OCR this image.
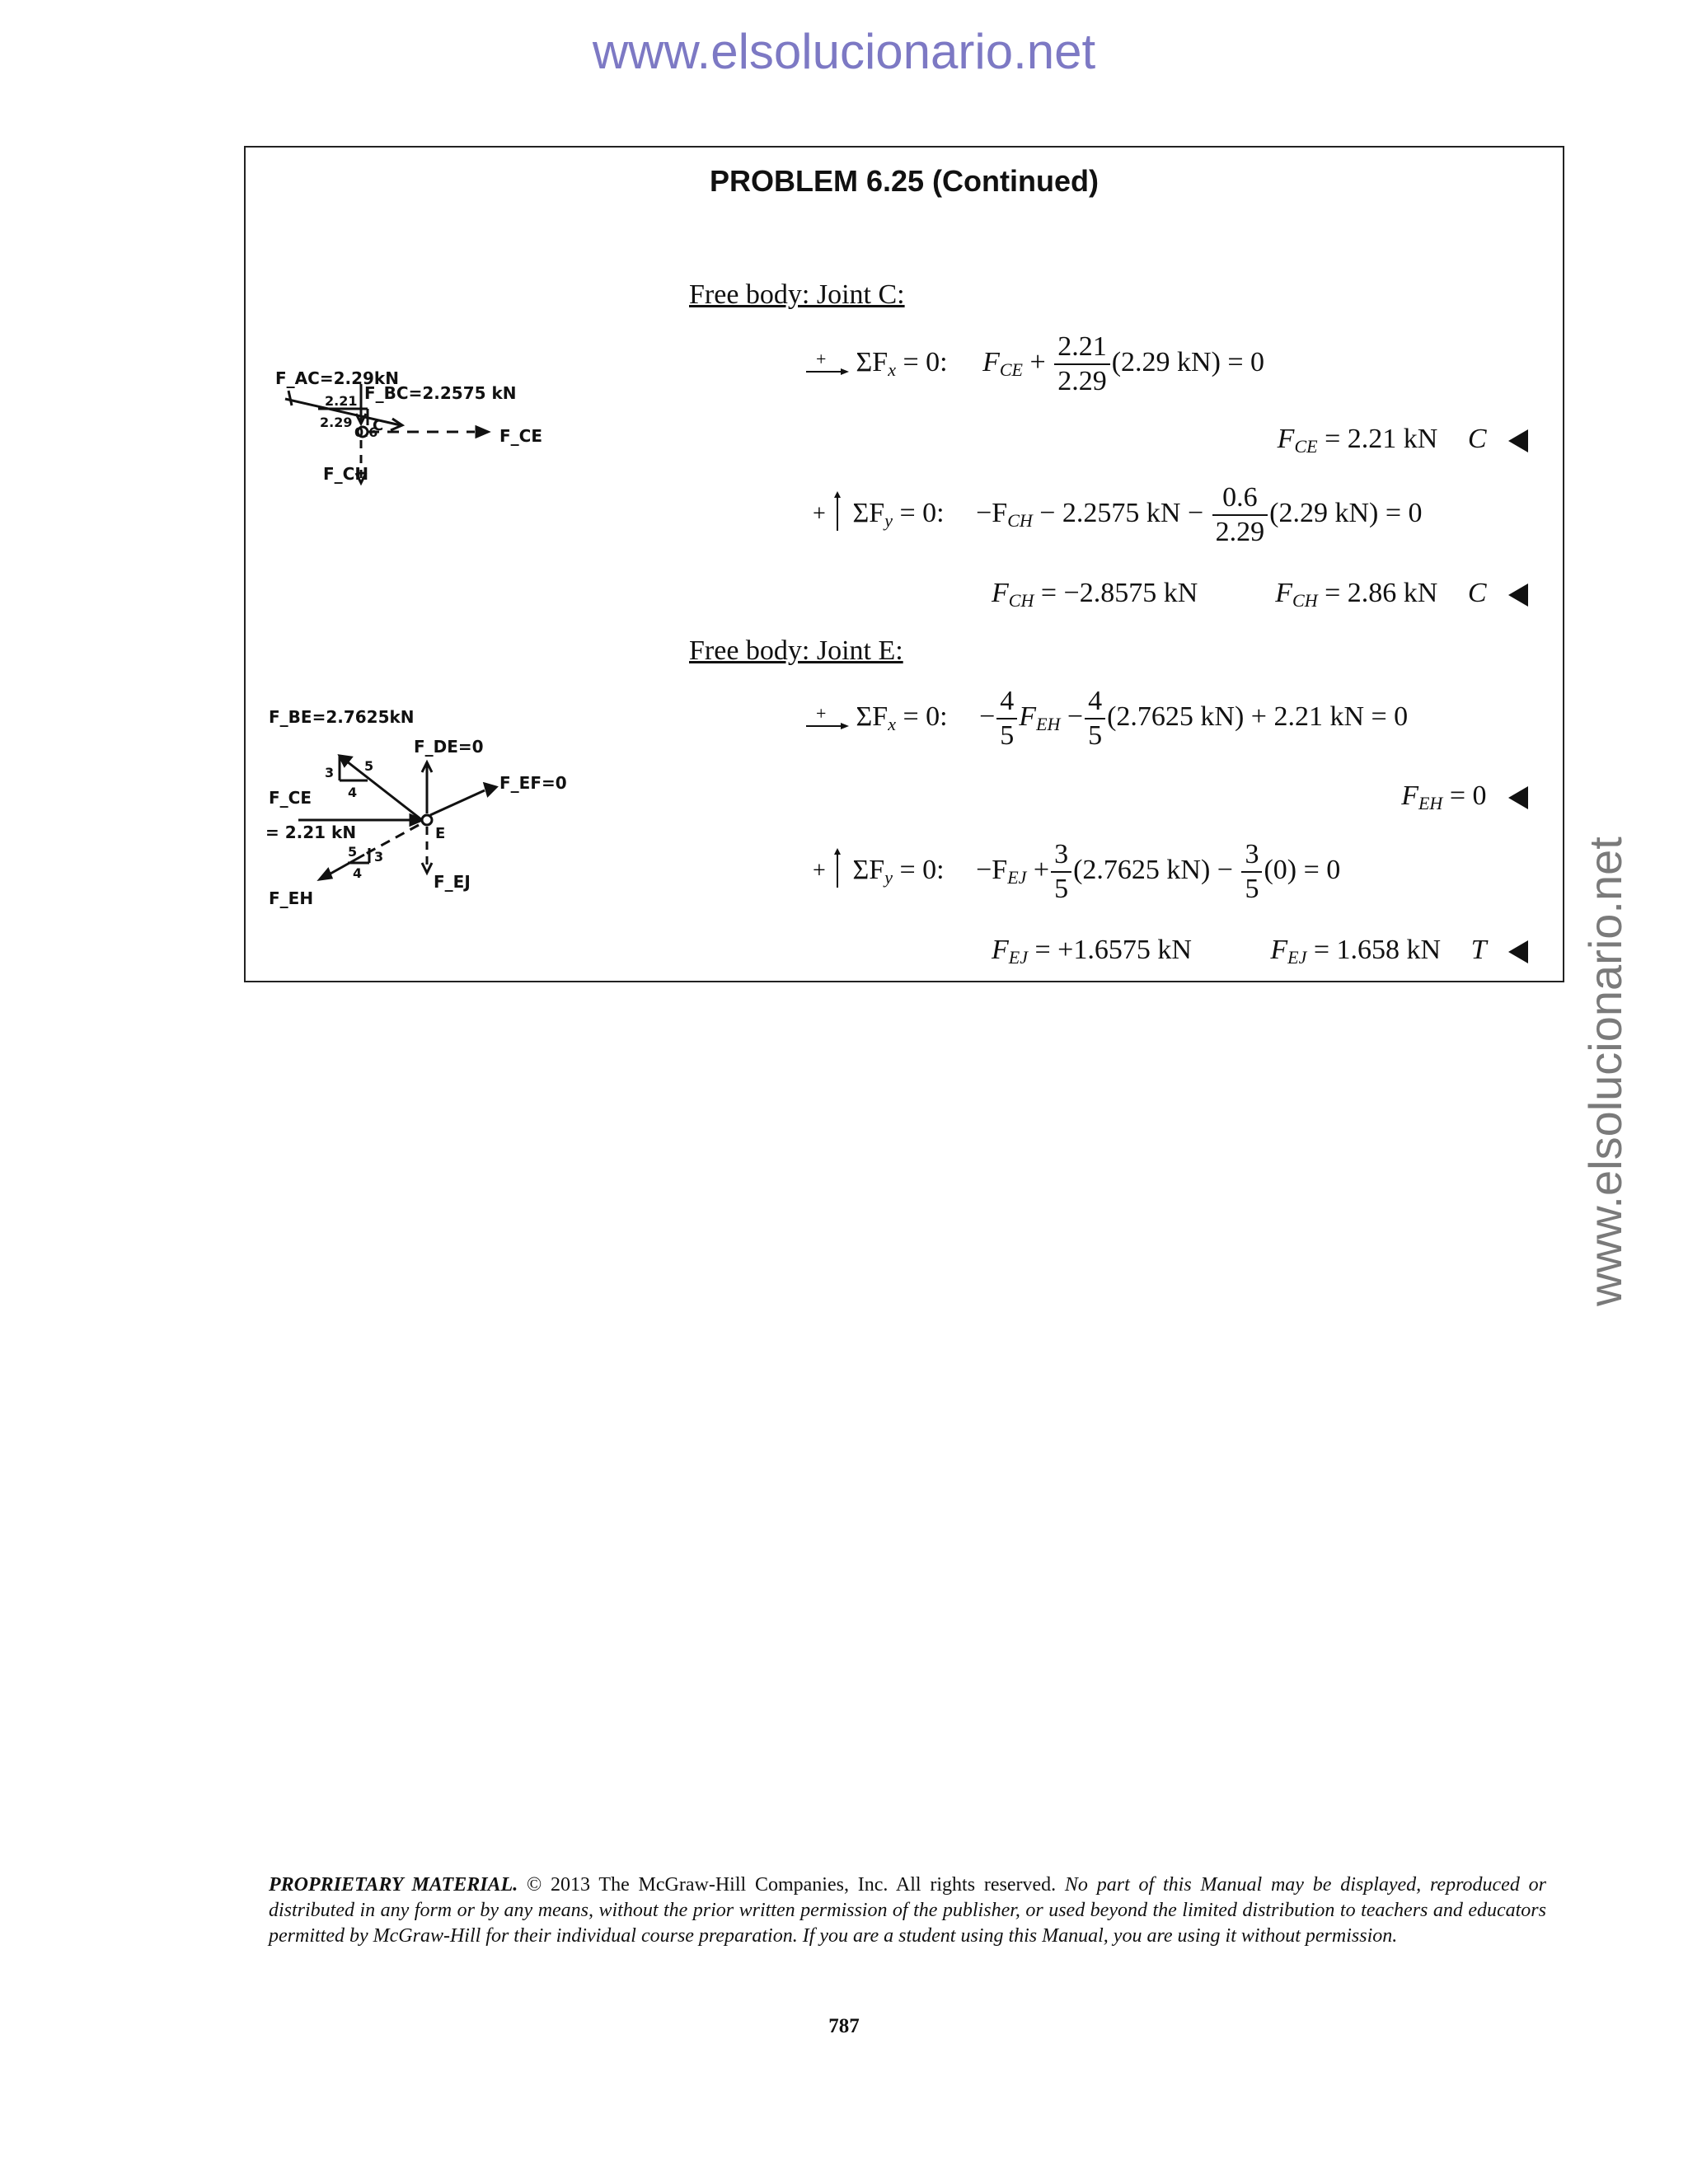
www.elsolucionario.net
www.elsolucionario.net
PROBLEM 6.25 (Continued)
Free body: Joint C:
F_AC=2.29kN
F_BC=2.2575 kN
F_CE
F_CH
2.21
0.6
2.29 C
+ $\Sigma F_x = 0$: $F_{CE} + \frac{2.21}{2.29} (2.29$ kN) = 0
$F_{CE} = 2.21$ kN C
+ $\Sigma F_y = 0$: $-F_{CH} - 2.2575$ kN − $\frac{0.6}{2.29} (2.29$ kN) = 0
$F_{CH} = -2.8575$ kN	$F_{CH} = 2.86$ kN C
Free body: Joint E:
F_BE=2.7625kN
F_DE=0
F_EF=0
F_CE
= 2.21 kN
F_EH
F_EJ
E
3 5
4
5 3
4
+ $\Sigma F_x = 0$: − $\frac{4}{5} F_{EH} - \frac{4}{5} (2.7625$ kN) + 2.21 kN = 0
$F_{EH} = 0$
+ $\Sigma F_y = 0$: $-F_{EJ} + \frac{3}{5} (2.7625$ $kN) - \frac{3}{5} (0) = 0$
$F_{EJ} = +1.6575$ kN	$F_{EJ} = 1.658$ kN T
PROPRIETARY MATERIAL. © 2013 The McGraw-Hill Companies, Inc. All rights reserved. No part of this Manual may be displayed, reproduced or distributed in any form or by any means, without the prior written permission of the publisher, or used beyond the limited distribution to teachers and educators permitted by McGraw-Hill for their individual course preparation. If you are a student using this Manual, you are using it without permission.
787
